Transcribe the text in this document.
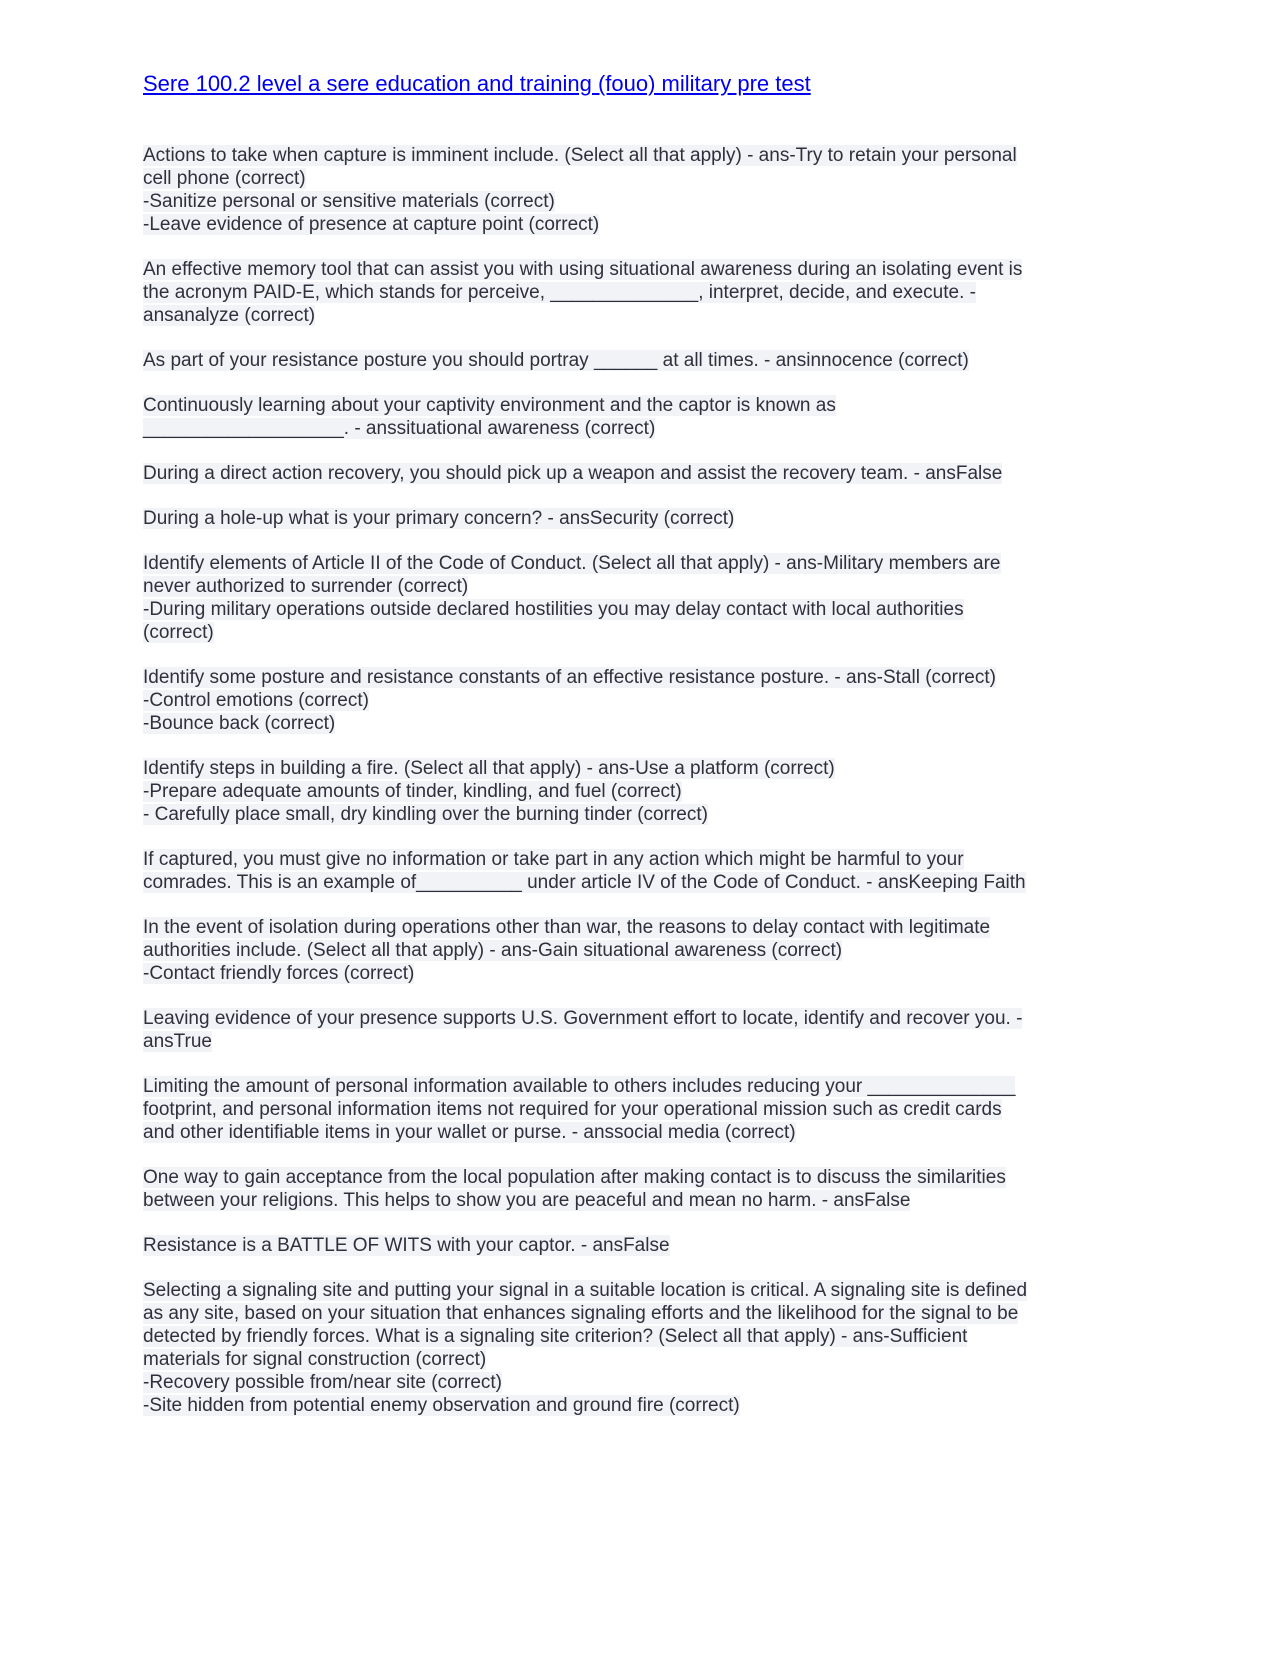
Sere 100.2 level a sere education and training (fouo) military pre test
Actions to take when capture is imminent include. (Select all that apply) - ans-Try to retain your personal
cell phone (correct)
-Sanitize personal or sensitive materials (correct)
-Leave evidence of presence at capture point (correct)
An effective memory tool that can assist you with using situational awareness during an isolating event is
the acronym PAID-E, which stands for perceive, ______________, interpret, decide, and execute. -
ansanalyze (correct)
As part of your resistance posture you should portray ______ at all times. - ansinnocence (correct)
Continuously learning about your captivity environment and the captor is known as
___________________. - anssituational awareness (correct)
During a direct action recovery, you should pick up a weapon and assist the recovery team. - ansFalse
During a hole-up what is your primary concern? - ansSecurity (correct)
Identify elements of Article II of the Code of Conduct. (Select all that apply) - ans-Military members are
never authorized to surrender (correct)
-During military operations outside declared hostilities you may delay contact with local authorities
(correct)
Identify some posture and resistance constants of an effective resistance posture. - ans-Stall (correct)
-Control emotions (correct)
-Bounce back (correct)
Identify steps in building a fire. (Select all that apply) - ans-Use a platform (correct)
-Prepare adequate amounts of tinder, kindling, and fuel (correct)
- Carefully place small, dry kindling over the burning tinder (correct)
If captured, you must give no information or take part in any action which might be harmful to your
comrades. This is an example of__________ under article IV of the Code of Conduct. - ansKeeping Faith
In the event of isolation during operations other than war, the reasons to delay contact with legitimate
authorities include. (Select all that apply) - ans-Gain situational awareness (correct)
-Contact friendly forces (correct)
Leaving evidence of your presence supports U.S. Government effort to locate, identify and recover you. -
ansTrue
Limiting the amount of personal information available to others includes reducing your ______________
footprint, and personal information items not required for your operational mission such as credit cards
and other identifiable items in your wallet or purse. - anssocial media (correct)
One way to gain acceptance from the local population after making contact is to discuss the similarities
between your religions. This helps to show you are peaceful and mean no harm. - ansFalse
Resistance is a BATTLE OF WITS with your captor. - ansFalse
Selecting a signaling site and putting your signal in a suitable location is critical. A signaling site is defined
as any site, based on your situation that enhances signaling efforts and the likelihood for the signal to be
detected by friendly forces. What is a signaling site criterion? (Select all that apply) - ans-Sufficient
materials for signal construction (correct)
-Recovery possible from/near site (correct)
-Site hidden from potential enemy observation and ground fire (correct)
